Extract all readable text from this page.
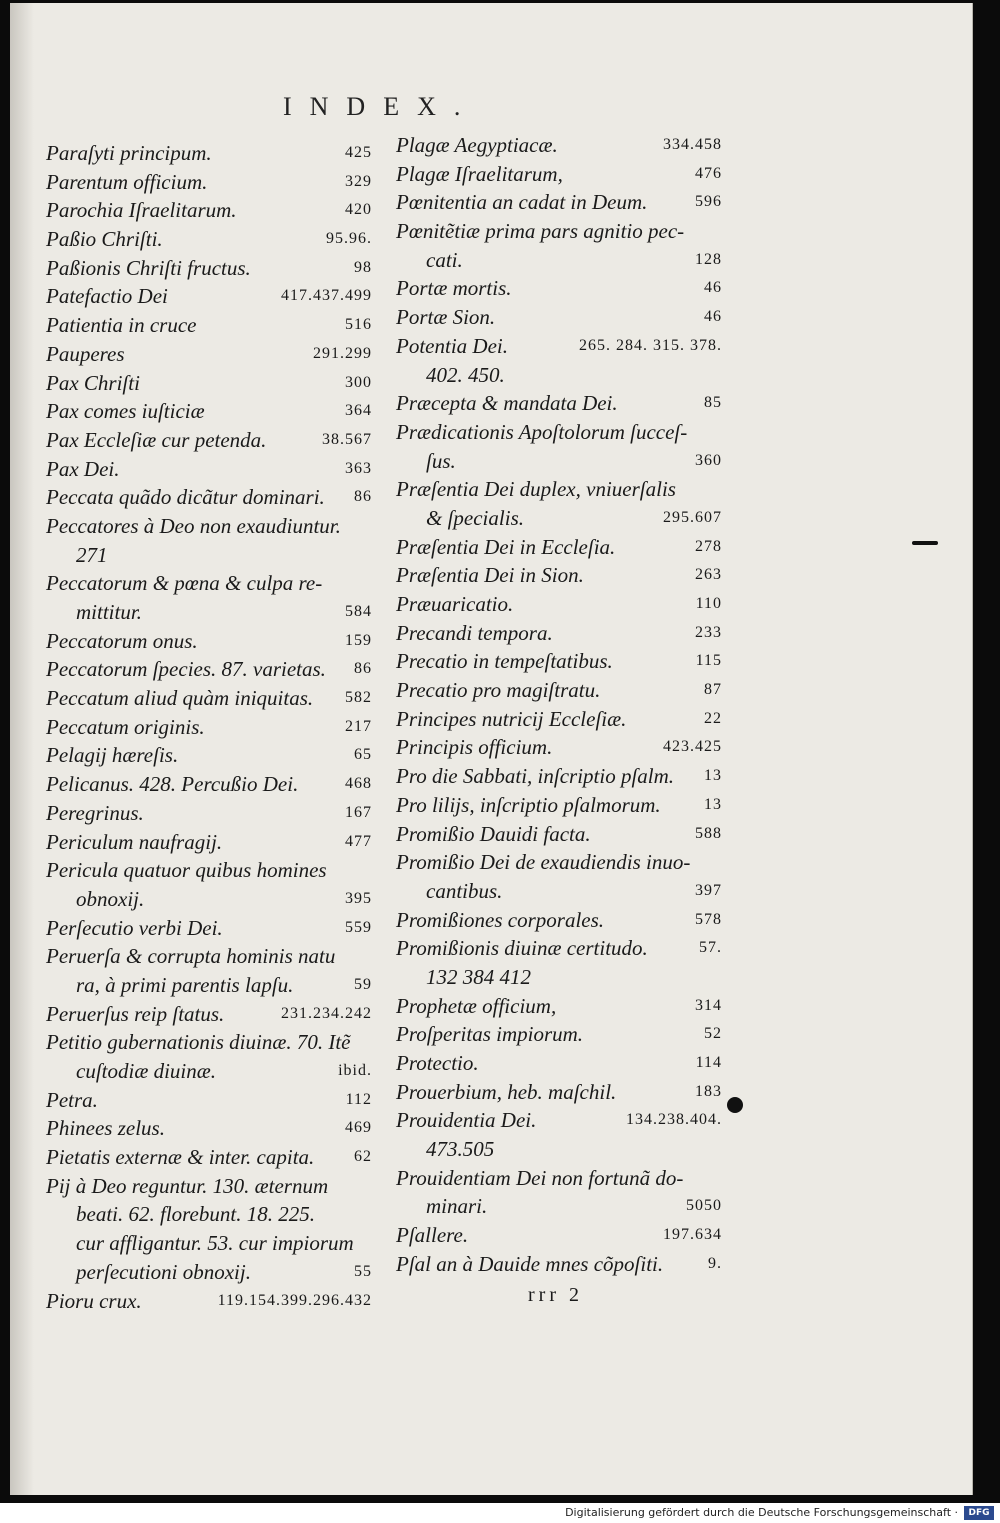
INDEX.
Paraſyti principum.	425
Parentum officium.	329
Parochia Iſraelitarum.	420
Paßio Chriſti.	95.96.
Paßionis Chriſti fructus.	98
Patefactio Dei	417.437.499
Patientia in cruce	516
Pauperes	291.299
Pax Chriſti	300
Pax comes iuſticiæ	364
Pax Eccleſiæ cur petenda.	38.567
Pax Dei.	363
Peccata quãdo dicãtur dominari. 86
Peccatores à Deo non exaudiuntur.
271
Peccatorum & pœna & culpa re-
mittitur.	584
Peccatorum onus.	159
Peccatorum ſpecies. 87. varietas. 86
Peccatum aliud quàm iniquitas. 582
Peccatum originis.	217
Pelagij hæreſis.	65
Pelicanus. 428. Percußio Dei.	468
Peregrinus.	167
Periculum naufragij.	477
Pericula quatuor quibus homines
obnoxij.	395
Perſecutio verbi Dei.	559
Peruerſa & corrupta hominis natu
ra, à primi parentis lapſu.	59
Peruerſus reip ſtatus.	231.234.242
Petitio gubernationis diuinæ. 70. Itẽ
cuſtodiæ diuinæ.	ibid.
Petra.	112
Phinees zelus.	469
Pietatis externæ & inter. capita. 62
Pij à Deo reguntur. 130. æternum
beati. 62. florebunt. 18. 225.
cur affligantur. 53. cur impiorum
perſecutioni obnoxij.	55
Pioru crux.	119.154.399.296.432
Plagæ Aegyptiacæ.	334.458
Plagæ Iſraelitarum,	476
Pœnitentia an cadat in Deum.	596
Pœnitẽtiæ prima pars agnitio pec-
cati.	128
Portæ mortis.	46
Portæ Sion.	46
Potentia Dei.	265. 284. 315. 378.
402. 450.
Præcepta & mandata Dei.	85
Prædicationis Apoſtolorum ſucceſ-
ſus.	360
Præſentia Dei duplex, vniuerſalis
& ſpecialis.	295.607
Præſentia Dei in Eccleſia.	278
Præſentia Dei in Sion.	263
Præuaricatio.	110
Precandi tempora.	233
Precatio in tempeſtatibus.	115
Precatio pro magiſtratu.	87
Principes nutricij Eccleſiæ.	22
Principis officium.	423.425
Pro die Sabbati, inſcriptio pſalm. 13
Pro lilijs, inſcriptio pſalmorum.	13
Promißio Dauidi facta.	588
Promißio Dei de exaudiendis inuo-
cantibus.	397
Promißiones corporales.	578
Promißionis diuinæ certitudo.	57.
132 384 412
Prophetæ officium,	314
Proſperitas impiorum.	52
Protectio.	114
Prouerbium, heb. maſchil.	183
Prouidentia Dei.	134.238.404.
473.505
Prouidentiam Dei non fortunã do-
minari.	5050
Pſallere.	197.634
Pſal an à Dauide mnes cõpoſiti.	9.
rrr 2
Digitalisierung gefördert durch die Deutsche Forschungsgemeinschaft ·	DFG
